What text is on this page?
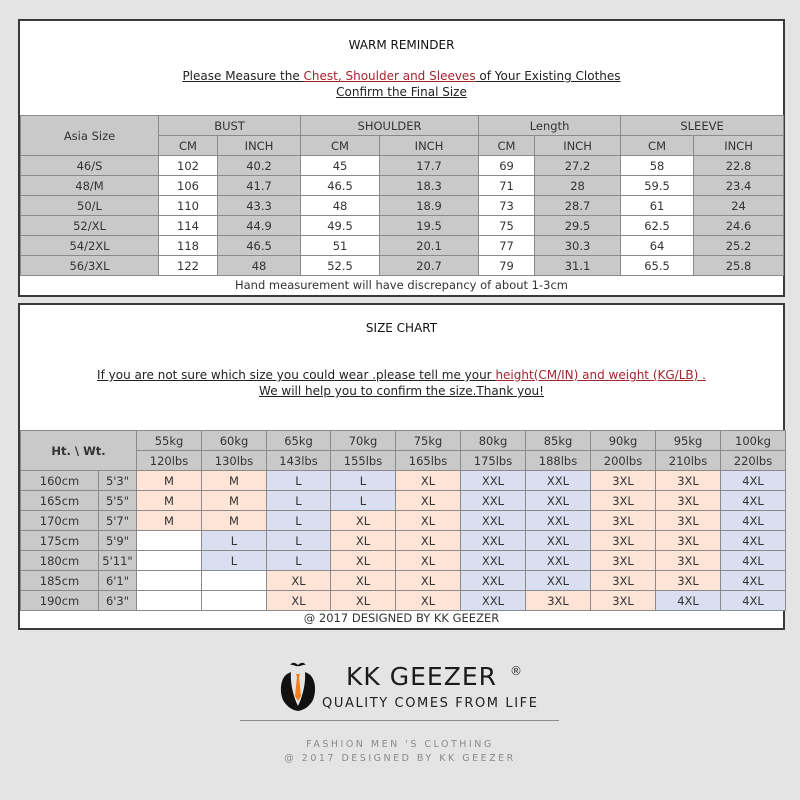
WARM REMINDER
Please Measure the Chest, Shoulder and Sleeves of Your Existing Clothes
Confirm the Final Size
Asia Size	BUST		SHOULDER		Length		SLEEVE	
	CM	INCH	CM	INCH	CM	INCH	CM	INCH
46/S	102	40.2	45	17.7	69	27.2	58	22.8
48/M	106	41.7	46.5	18.3	71	28	59.5	23.4
50/L	110	43.3	48	18.9	73	28.7	61	24
52/XL	114	44.9	49.5	19.5	75	29.5	62.5	24.6
54/2XL	118	46.5	51	20.1	77	30.3	64	25.2
56/3XL	122	48	52.5	20.7	79	31.1	65.5	25.8
Hand measurement will have discrepancy of about 1-3cm
SIZE CHART
If you are not sure which size you could wear .please tell me your height(CM/IN) and weight (KG/LB) .
We will help you to confirm the size.Thank you!
Ht. \ Wt.		55kg	60kg	65kg	70kg	75kg	80kg	85kg	90kg	95kg	100kg
		120lbs	130lbs	143lbs	155lbs	165lbs	175lbs	188lbs	200lbs	210lbs	220lbs
160cm	5'3"	M	M	L	L	XL	XXL	XXL	3XL	3XL	4XL
165cm	5'5"	M	M	L	L	XL	XXL	XXL	3XL	3XL	4XL
170cm	5'7"	M	M	L	XL	XL	XXL	XXL	3XL	3XL	4XL
175cm	5'9"		L	L	XL	XL	XXL	XXL	3XL	3XL	4XL
180cm	5'11"		L	L	XL	XL	XXL	XXL	3XL	3XL	4XL
185cm	6'1"			XL	XL	XL	XXL	XXL	3XL	3XL	4XL
190cm	6'3"			XL	XL	XL	XXL	3XL	3XL	4XL	4XL
@ 2017 DESIGNED BY KK GEEZER
KK GEEZER ®
QUALITY COMES FROM LIFE
FASHION MEN 'S CLOTHING
@ 2017 DESIGNED BY KK GEEZER
